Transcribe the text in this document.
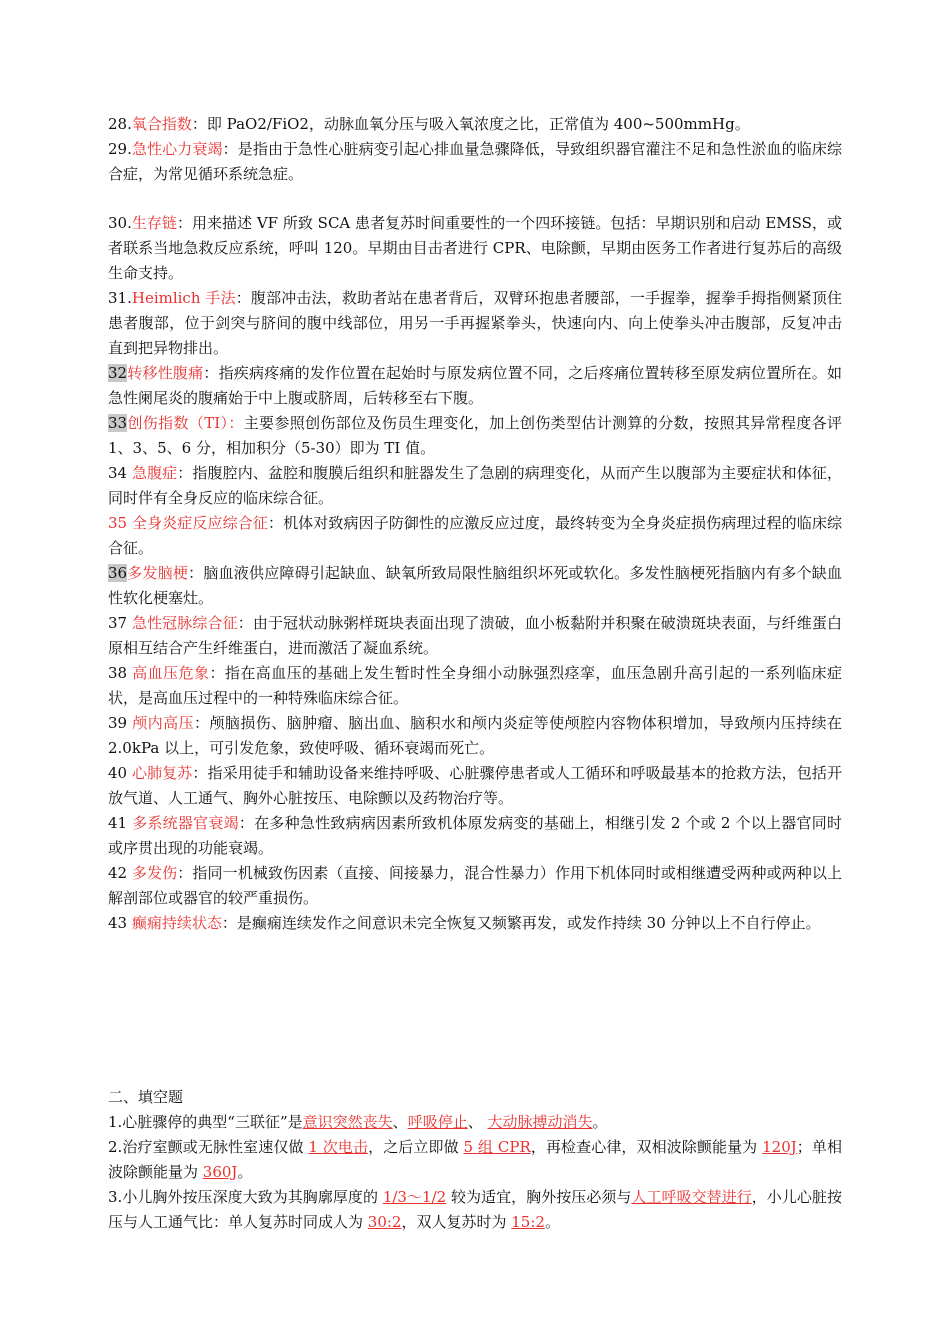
28.氧合指数：即 PaO2/FiO2，动脉血氧分压与吸入氧浓度之比，正常值为 400~500mmHg。

29.急性心力衰竭：是指由于急性心脏病变引起心排血量急骤降低，导致组织器官灌注不足和急性淤血的临床综合症，为常见循环系统急症。

30.生存链：用来描述 VF 所致 SCA 患者复苏时间重要性的一个四环接链。包括：早期识别和启动 EMSS，或者联系当地急救反应系统，呼叫 120。早期由目击者进行 CPR、电除颤，早期由医务工作者进行复苏后的高级生命支持。

31.Heimlich 手法：腹部冲击法，救助者站在患者背后，双臂环抱患者腰部，一手握拳，握拳手拇指侧紧顶住患者腹部，位于剑突与脐间的腹中线部位，用另一手再握紧拳头，快速向内、向上使拳头冲击腹部，反复冲击直到把异物排出。

32转移性腹痛：指疾病疼痛的发作位置在起始时与原发病位置不同，之后疼痛位置转移至原发病位置所在。如急性阑尾炎的腹痛始于中上腹或脐周，后转移至右下腹。

33创伤指数（TI）：主要参照创伤部位及伤员生理变化，加上创伤类型估计测算的分数，按照其异常程度各评 1、3、5、6 分，相加积分（5-30）即为 TI 值。

34 急腹症：指腹腔内、盆腔和腹膜后组织和脏器发生了急剧的病理变化，从而产生以腹部为主要症状和体征，同时伴有全身反应的临床综合征。

35 全身炎症反应综合征：机体对致病因子防御性的应激反应过度，最终转变为全身炎症损伤病理过程的临床综合征。

36多发脑梗：脑血液供应障碍引起缺血、缺氧所致局限性脑组织坏死或软化。多发性脑梗死指脑内有多个缺血性软化梗塞灶。

37 急性冠脉综合征：由于冠状动脉粥样斑块表面出现了溃破，血小板黏附并积聚在破溃斑块表面，与纤维蛋白原相互结合产生纤维蛋白，进而激活了凝血系统。

38 高血压危象：指在高血压的基础上发生暂时性全身细小动脉强烈痉挛，血压急剧升高引起的一系列临床症状，是高血压过程中的一种特殊临床综合征。

39 颅内高压：颅脑损伤、脑肿瘤、脑出血、脑积水和颅内炎症等使颅腔内容物体积增加，导致颅内压持续在 2.0kPa 以上，可引发危象，致使呼吸、循环衰竭而死亡。

40 心肺复苏：指采用徒手和辅助设备来维持呼吸、心脏骤停患者或人工循环和呼吸最基本的抢救方法，包括开放气道、人工通气、胸外心脏按压、电除颤以及药物治疗等。

41 多系统器官衰竭：在多种急性致病病因素所致机体原发病变的基础上，相继引发 2 个或 2 个以上器官同时或序贯出现的功能衰竭。

42 多发伤：指同一机械致伤因素（直接、间接暴力，混合性暴力）作用下机体同时或相继遭受两种或两种以上解剖部位或器官的较严重损伤。

43 癫痫持续状态：是癫痫连续发作之间意识未完全恢复又频繁再发，或发作持续 30 分钟以上不自行停止。

二、填空题

1.心脏骤停的典型“三联征”是意识突然丧失、呼吸停止、 大动脉搏动消失。

2.治疗室颤或无脉性室速仅做 1 次电击，之后立即做 5 组 CPR，再检查心律，双相波除颤能量为 120J；单相波除颤能量为 360J。

3.小儿胸外按压深度大致为其胸廓厚度的 1/3～1/2 较为适宜，胸外按压必须与人工呼吸交替进行，小儿心脏按压与人工通气比：单人复苏时同成人为 30:2，双人复苏时为 15:2。
